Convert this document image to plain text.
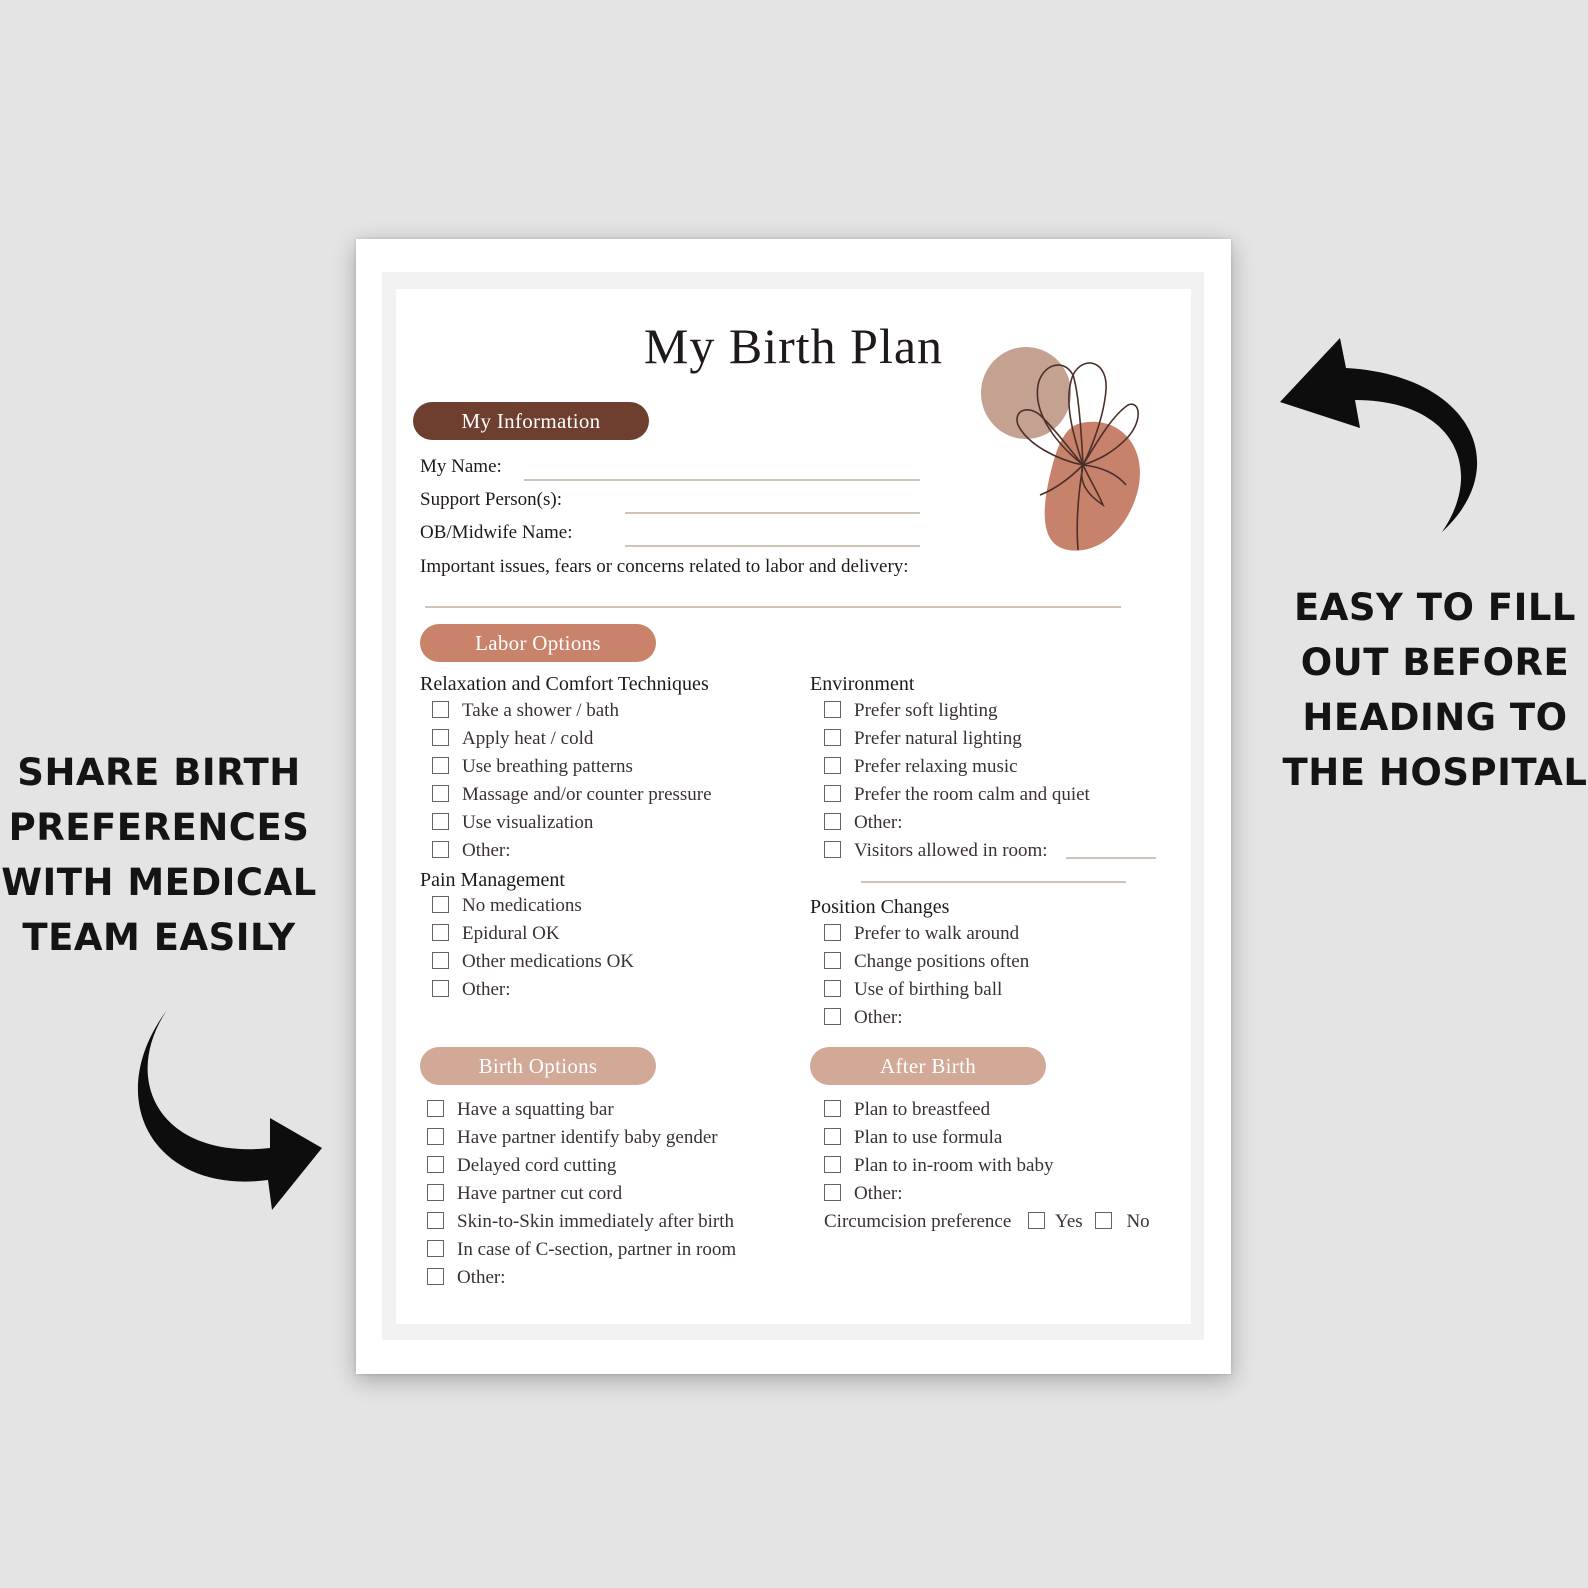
SHARE BIRTH
PREFERENCES
WITH MEDICAL
TEAM EASILY
EASY TO FILL
OUT BEFORE
HEADING TO
THE HOSPITAL
My Birth Plan
My Information
My Name:
Support Person(s):
OB/Midwife Name:
Important issues, fears or concerns related to labor and delivery:
Labor Options
Relaxation and Comfort Techniques
Take a shower / bath
Apply heat / cold
Use breathing patterns
Massage and/or counter pressure
Use visualization
Other:
Pain Management
No medications
Epidural OK
Other medications OK
Other:
Environment
Prefer soft lighting
Prefer natural lighting
Prefer relaxing music
Prefer the room calm and quiet
Other:
Visitors allowed in room:
Position Changes
Prefer to walk around
Change positions often
Use of birthing ball
Other:
Birth Options
Have a squatting bar
Have partner identify baby gender
Delayed cord cutting
Have partner cut cord
Skin-to-Skin immediately after birth
In case of C-section, partner in room
Other:
After Birth
Plan to breastfeed
Plan to use formula
Plan to in-room with baby
Other:
Circumcision preference Yes No
